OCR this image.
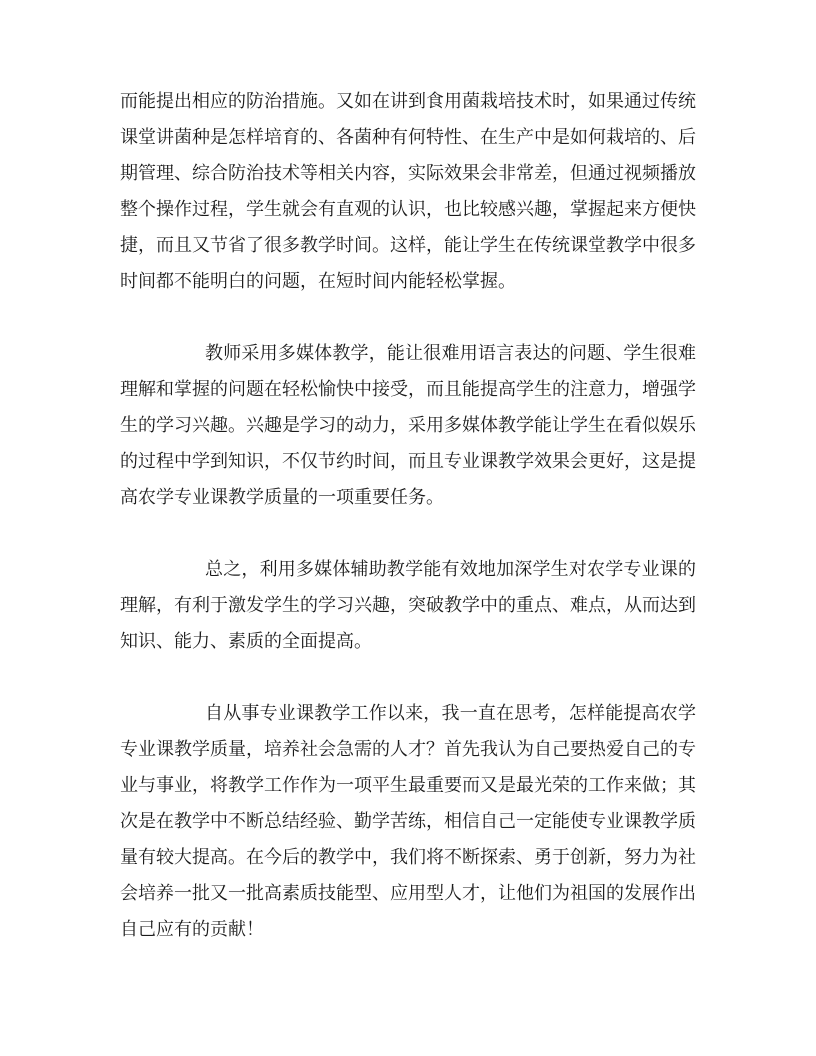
而能提出相应的防治措施。又如在讲到食用菌栽培技术时，如果通过传统课堂讲菌种是怎样培育的、各菌种有何特性、在生产中是如何栽培的、后期管理、综合防治技术等相关内容，实际效果会非常差，但通过视频播放整个操作过程，学生就会有直观的认识，也比较感兴趣，掌握起来方便快捷，而且又节省了很多教学时间。这样，能让学生在传统课堂教学中很多时间都不能明白的问题，在短时间内能轻松掌握。

教师采用多媒体教学，能让很难用语言表达的问题、学生很难理解和掌握的问题在轻松愉快中接受，而且能提高学生的注意力，增强学生的学习兴趣。兴趣是学习的动力，采用多媒体教学能让学生在看似娱乐的过程中学到知识，不仅节约时间，而且专业课教学效果会更好，这是提高农学专业课教学质量的一项重要任务。

总之，利用多媒体辅助教学能有效地加深学生对农学专业课的理解，有利于激发学生的学习兴趣，突破教学中的重点、难点，从而达到知识、能力、素质的全面提高。

自从事专业课教学工作以来，我一直在思考，怎样能提高农学专业课教学质量，培养社会急需的人才？首先我认为自己要热爱自己的专业与事业，将教学工作作为一项平生最重要而又是最光荣的工作来做；其次是在教学中不断总结经验、勤学苦练，相信自己一定能使专业课教学质量有较大提高。在今后的教学中，我们将不断探索、勇于创新，努力为社会培养一批又一批高素质技能型、应用型人才，让他们为祖国的发展作出自己应有的贡献！
